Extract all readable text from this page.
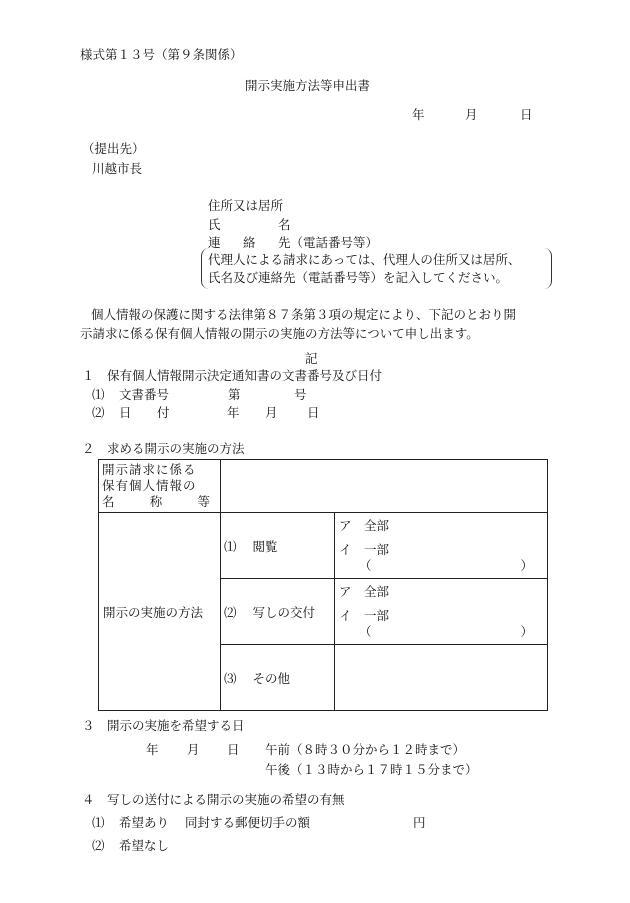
様式第１３号（第９条関係）
開示実施方法等申出書
年	月	日
（提出先）
川越市長
住所又は居所
氏	名
連 絡 先（電話番号等）
代理人による請求にあっては、代理人の住所又は居所、
氏名及び連絡先（電話番号等）を記入してください。
個人情報の保護に関する法律第８７条第３項の規定により、下記のとおり開
示請求に係る保有個人情報の開示の実施の方法等について申し出ます。
記
１　保有個人情報開示決定通知書の文書番号及び日付
⑴ 文書番号	第	号
⑵ 日 付	年 月 日
２　求める開示の実施の方法
開示請求に係る
保有個人情報の
名 称 等		

開示の実施の方法	⑴ 閲覧	ア　全部
イ　一部
（ ）

	⑵ 写しの交付	ア　全部
イ　一部
（ ）

	⑶ その他	
３　開示の実施を希望する日
年 月 日 午前（８時３０分から１２時まで）
午後（１３時から１７時１５分まで）
４　写しの送付による開示の実施の希望の有無
⑴ 希望あり 同封する郵便切手の額	円
⑵ 希望なし
